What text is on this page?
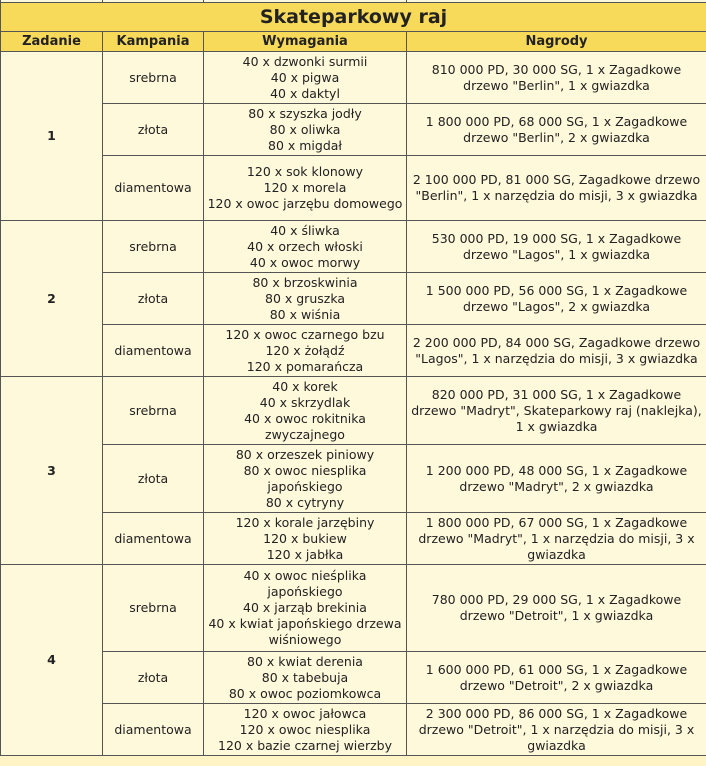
Skateparkowy raj			
Zadanie	Kampania	Wymagania	Nagrody
1	srebrna	40 x dzwonki surmii
40 x pigwa
40 x daktyl	810 000 PD, 30 000 SG, 1 x Zagadkowe drzewo "Berlin", 1 x gwiazdka
	złota	80 x szyszka jodły
80 x oliwka
80 x migdał	1 800 000 PD, 68 000 SG, 1 x Zagadkowe drzewo "Berlin", 2 x gwiazdka
	diamentowa	120 x sok klonowy
120 x morela
120 x owoc jarzębu domowego	2 100 000 PD, 81 000 SG, Zagadkowe drzewo "Berlin", 1 x narzędzia do misji, 3 x gwiazdka
2	srebrna	40 x śliwka
40 x orzech włoski
40 x owoc morwy	530 000 PD, 19 000 SG, 1 x Zagadkowe drzewo "Lagos", 1 x gwiazdka
	złota	80 x brzoskwinia
80 x gruszka
80 x wiśnia	1 500 000 PD, 56 000 SG, 1 x Zagadkowe drzewo "Lagos", 2 x gwiazdka
	diamentowa	120 x owoc czarnego bzu
120 x żołądź
120 x pomarańcza	2 200 000 PD, 84 000 SG, Zagadkowe drzewo "Lagos", 1 x narzędzia do misji, 3 x gwiazdka
3	srebrna	40 x korek
40 x skrzydlak
40 x owoc rokitnika zwyczajnego	820 000 PD, 31 000 SG, 1 x Zagadkowe drzewo "Madryt", Skateparkowy raj (naklejka), 1 x gwiazdka
	złota	80 x orzeszek piniowy
80 x owoc niesplika japońskiego
80 x cytryny	1 200 000 PD, 48 000 SG, 1 x Zagadkowe drzewo "Madryt", 2 x gwiazdka
	diamentowa	120 x korale jarzębiny
120 x bukiew
120 x jabłka	1 800 000 PD, 67 000 SG, 1 x Zagadkowe drzewo "Madryt", 1 x narzędzia do misji, 3 x gwiazdka
4	srebrna	40 x owoc nieśplika japońskiego
40 x jarząb brekinia
40 x kwiat japońskiego drzewa wiśniowego	780 000 PD, 29 000 SG, 1 x Zagadkowe drzewo "Detroit", 1 x gwiazdka
	złota	80 x kwiat derenia
80 x tabebuja
80 x owoc poziomkowca	1 600 000 PD, 61 000 SG, 1 x Zagadkowe drzewo "Detroit", 2 x gwiazdka
	diamentowa	120 x owoc jałowca
120 x owoc niesplika
120 x bazie czarnej wierzby	2 300 000 PD, 86 000 SG, 1 x Zagadkowe drzewo "Detroit", 1 x narzędzia do misji, 3 x gwiazdka
